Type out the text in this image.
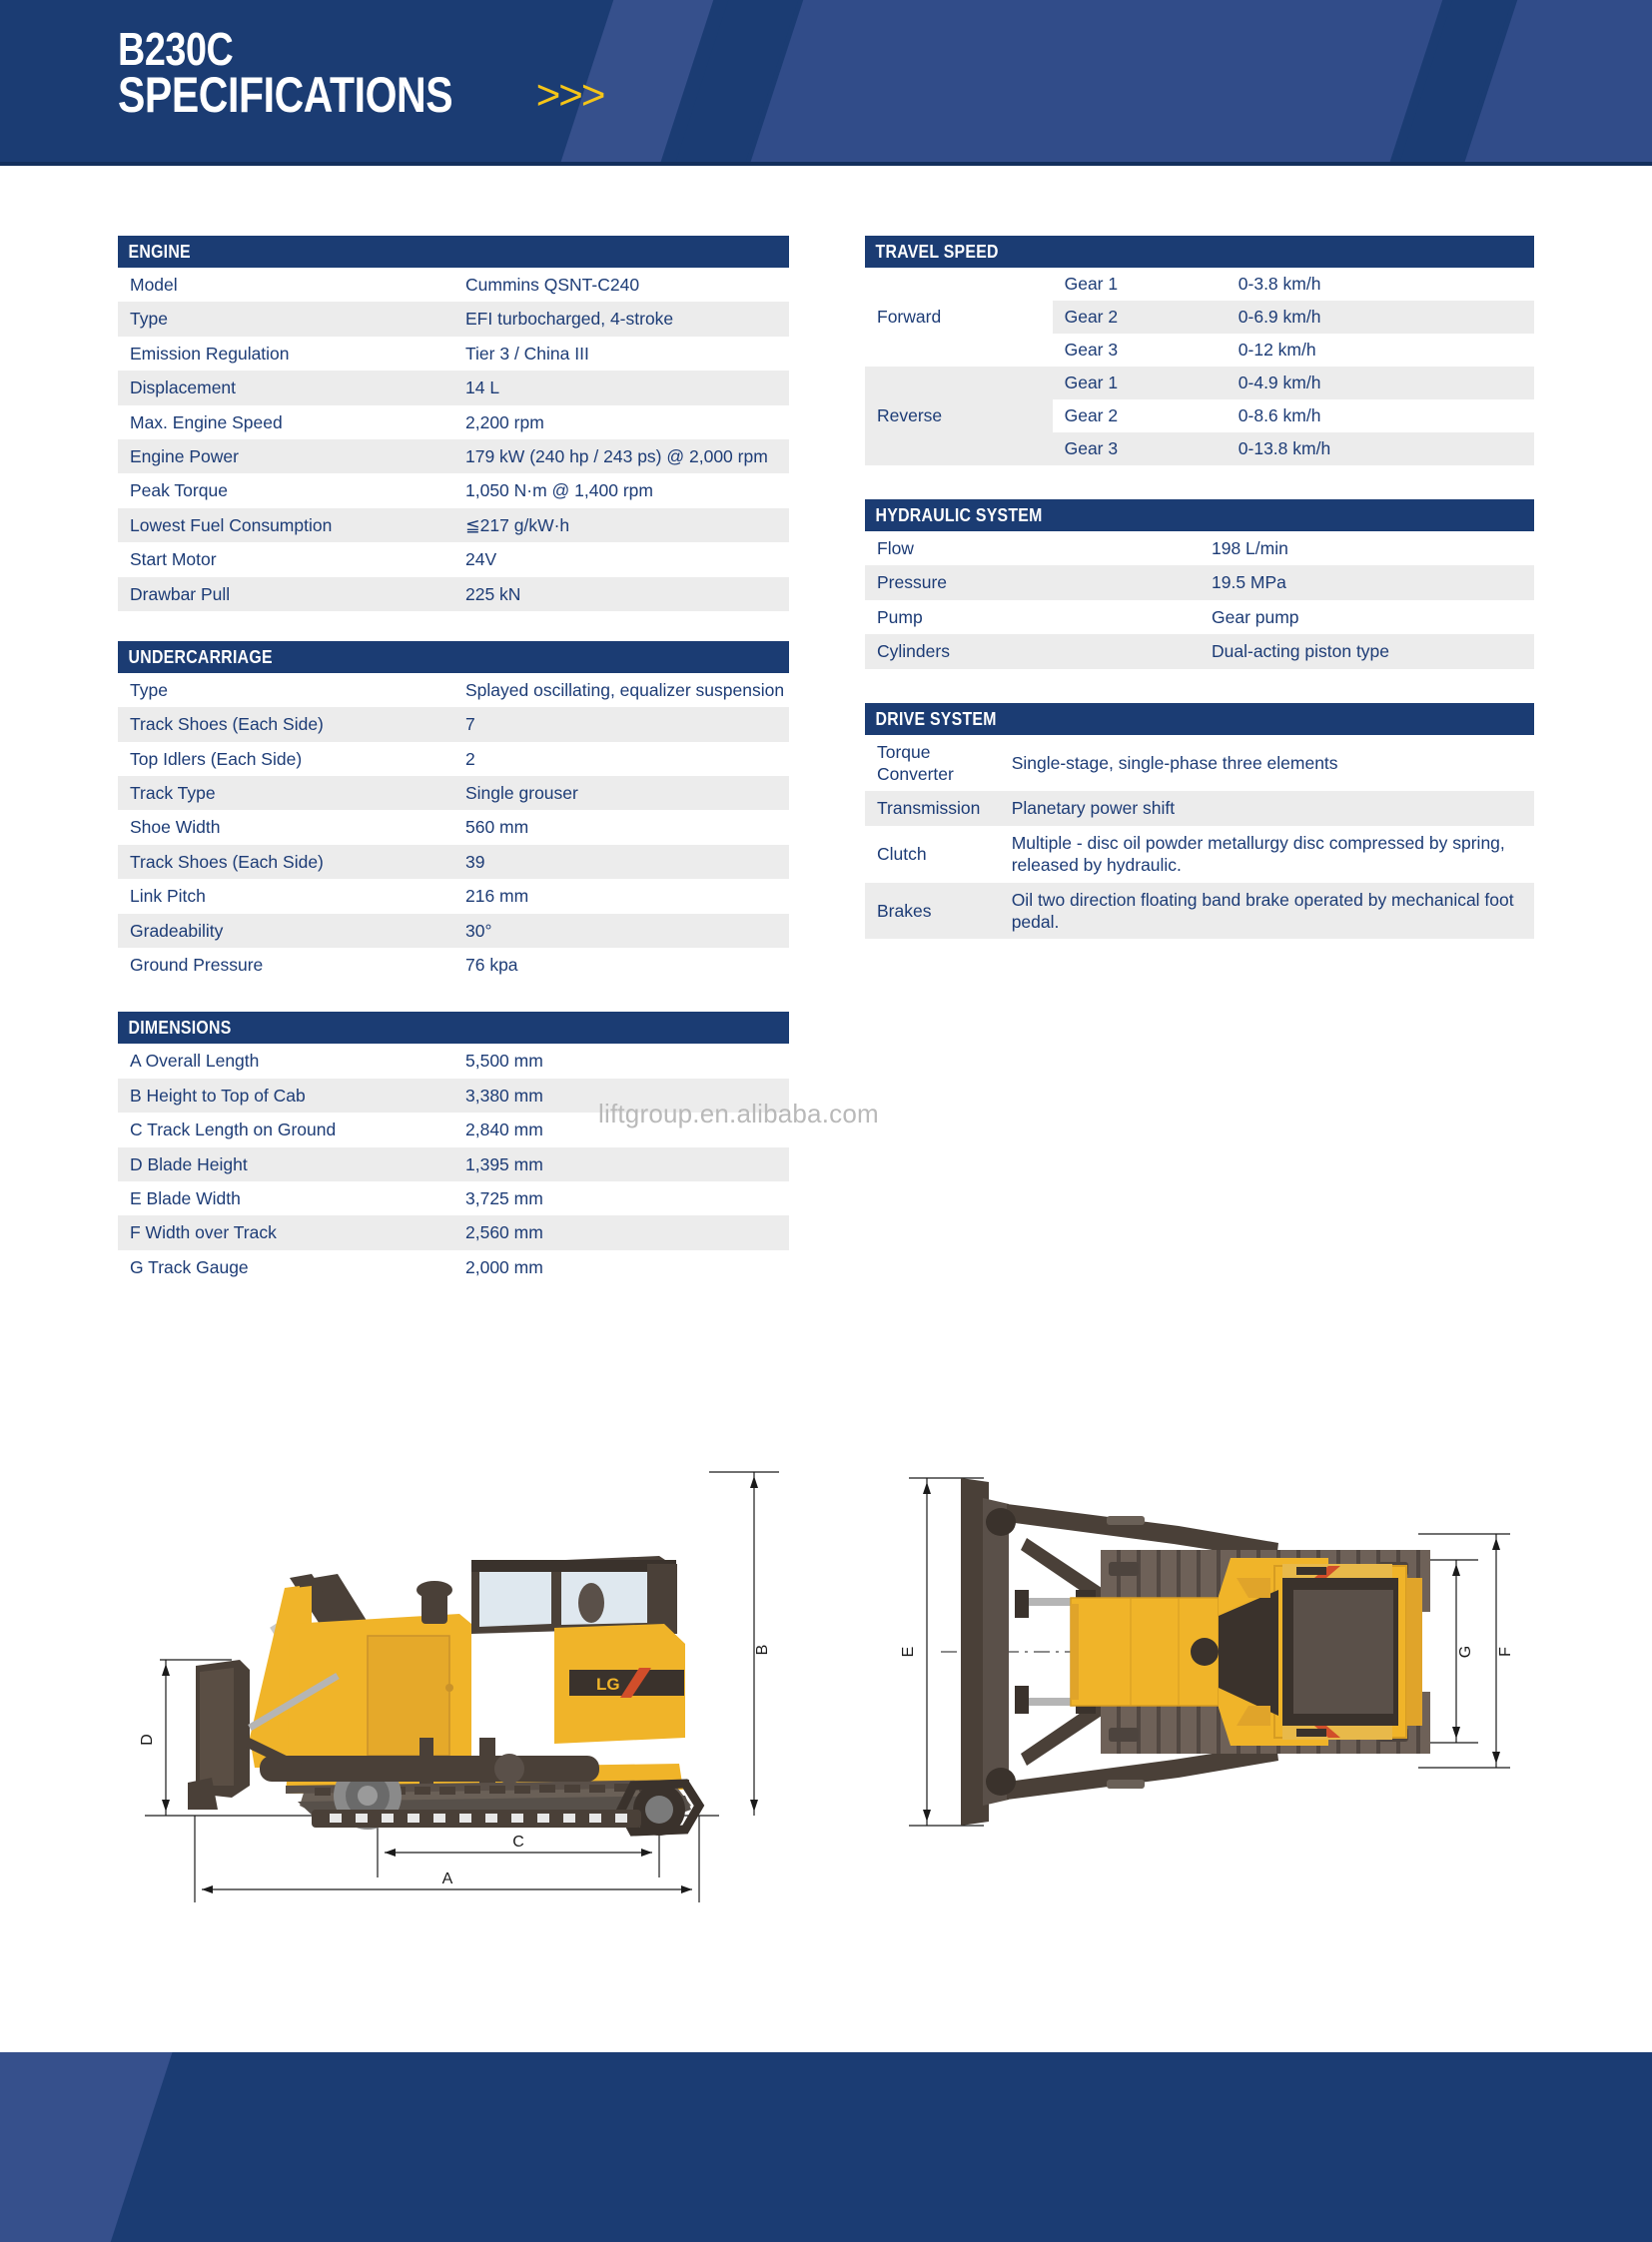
B230C
SPECIFICATIONS >>>
ENGINE
Model	Cummins QSNT-C240
Type	EFI turbocharged, 4-stroke
Emission Regulation	Tier 3 / China III
Displacement	14 L
Max. Engine Speed	2,200 rpm
Engine Power	179 kW (240 hp / 243 ps) @ 2,000 rpm
Peak Torque	1,050 N·m @ 1,400 rpm
Lowest Fuel Consumption	≦217 g/kW·h
Start Motor	24V
Drawbar Pull	225 kN
UNDERCARRIAGE
Type	Splayed oscillating, equalizer suspension
Track Shoes (Each Side)	7
Top Idlers (Each Side)	2
Track Type	Single grouser
Shoe Width	560 mm
Track Shoes (Each Side)	39
Link Pitch	216 mm
Gradeability	30°
Ground Pressure	76 kpa
DIMENSIONS
A Overall Length	5,500 mm
B Height to Top of Cab	3,380 mm
C Track Length on Ground	2,840 mm
D Blade Height	1,395 mm
E Blade Width	3,725 mm
F Width over Track	2,560 mm
G Track Gauge	2,000 mm
TRAVEL SPEED
Forward	Gear 1	0-3.8 km/h
	Gear 2	0-6.9 km/h
	Gear 3	0-12 km/h
Reverse	Gear 1	0-4.9 km/h
	Gear 2	0-8.6 km/h
	Gear 3	0-13.8 km/h
HYDRAULIC SYSTEM
Flow	198 L/min
Pressure	19.5 MPa
Pump	Gear pump
Cylinders	Dual-acting piston type
DRIVE SYSTEM
Torque Converter	Single-stage, single-phase three elements
Transmission	Planetary power shift
Clutch	Multiple - disc oil powder metallurgy disc compressed by spring, released by hydraulic.
Brakes	Oil two direction floating band brake operated by mechanical foot pedal.
liftgroup.en.alibaba.com
B
D
C
A
LG
E	F
G
